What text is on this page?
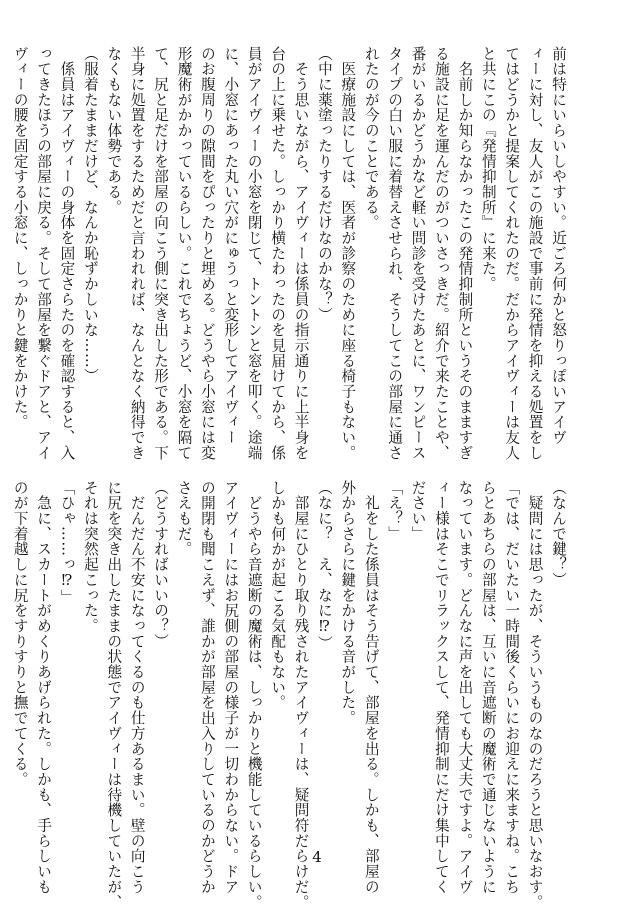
前は特にいらいしやすい。近ごろ何かと怒りっぽいアイヴ
ィーに対し、友人がこの施設で事前に発情を抑える処置をし
てはどうかと提案してくれたのだ。だからアイヴィーは友人
と共にこの『発情抑制所』に来た。
　名前しか知らなかったこの発情抑制所というそのまますぎ
る施設に足を運んだのがついさっきだ。紹介で来たことや、
番がいるかどうかなど軽い問診を受けたあとに、ワンピース
タイプの白い服に着替えさせられ、そうしてこの部屋に通さ
れたのが今のことである。
　医療施設にしては、医者が診察のために座る椅子もない。
（中に薬塗ったりするだけなのかな？）
　そう思いながら、アイヴィーは係員の指示通りに上半身を
台の上に乗せた。しっかり横たわったのを見届けてから、係
員がアイヴィーの小窓を閉じて、トントンと窓を叩く。途端
に、小窓にあった丸い穴がにゅうっと変形してアイヴィー
のお腹周りの隙間をぴったりと埋める。どうやら小窓には変
形魔術がかかっているらしい。これでちょうど、小窓を隔て
て、尻と足だけを部屋の向こう側に突き出した形である。下
半身に処置をするためだと言われれば、なんとなく納得でき
なくもない体勢である。
（服着たままだけど、なんか恥ずかしいな……）
　係員はアイヴィーの身体を固定さらたのを確認すると、入
ってきたほうの部屋に戻る。そして部屋を繋ぐドアと、アイ
ヴィーの腰を固定する小窓に、しっかりと鍵をかけた。
（なんで鍵？）
　疑問には思ったが、そういうものなのだろうと思いなおす。
「では、だいたい一時間後くらいにお迎えに来ますね。こち
らとあちらの部屋は、互いに音遮断の魔術で通じないように
なっています。どんなに声を出しても大丈夫ですよ。アイヴ
ィー様はそこでリラックスして、発情抑制にだけ集中してく
ださい」
「え？」
　礼をした係員はそう告げて、部屋を出る。しかも、部屋の
外からさらに鍵をかける音がした。
（なに？　え、なに⁉）
　部屋にひとり取り残されたアイヴィーは、疑問符だらけだ。
しかも何かが起こる気配もない。
　どうやら音遮断の魔術は、しっかりと機能しているらしい。
アイヴィーにはお尻側の部屋の様子が一切わからない。ドア
の開閉も聞こえず、誰かが部屋を出入りしているのかどうか
さえもだ。
（どうすればいいの？）
　だんだん不安になってくるのも仕方あるまい。壁の向こう
に尻を突き出したままの状態でアイヴィーは待機していたが、
それは突然起こった。
「ひゃ……っ⁉」
　急に、スカートがめくりあげられた。しかも、手らしいも
のが下着越しに尻をすりすりと撫でてくる。
4
